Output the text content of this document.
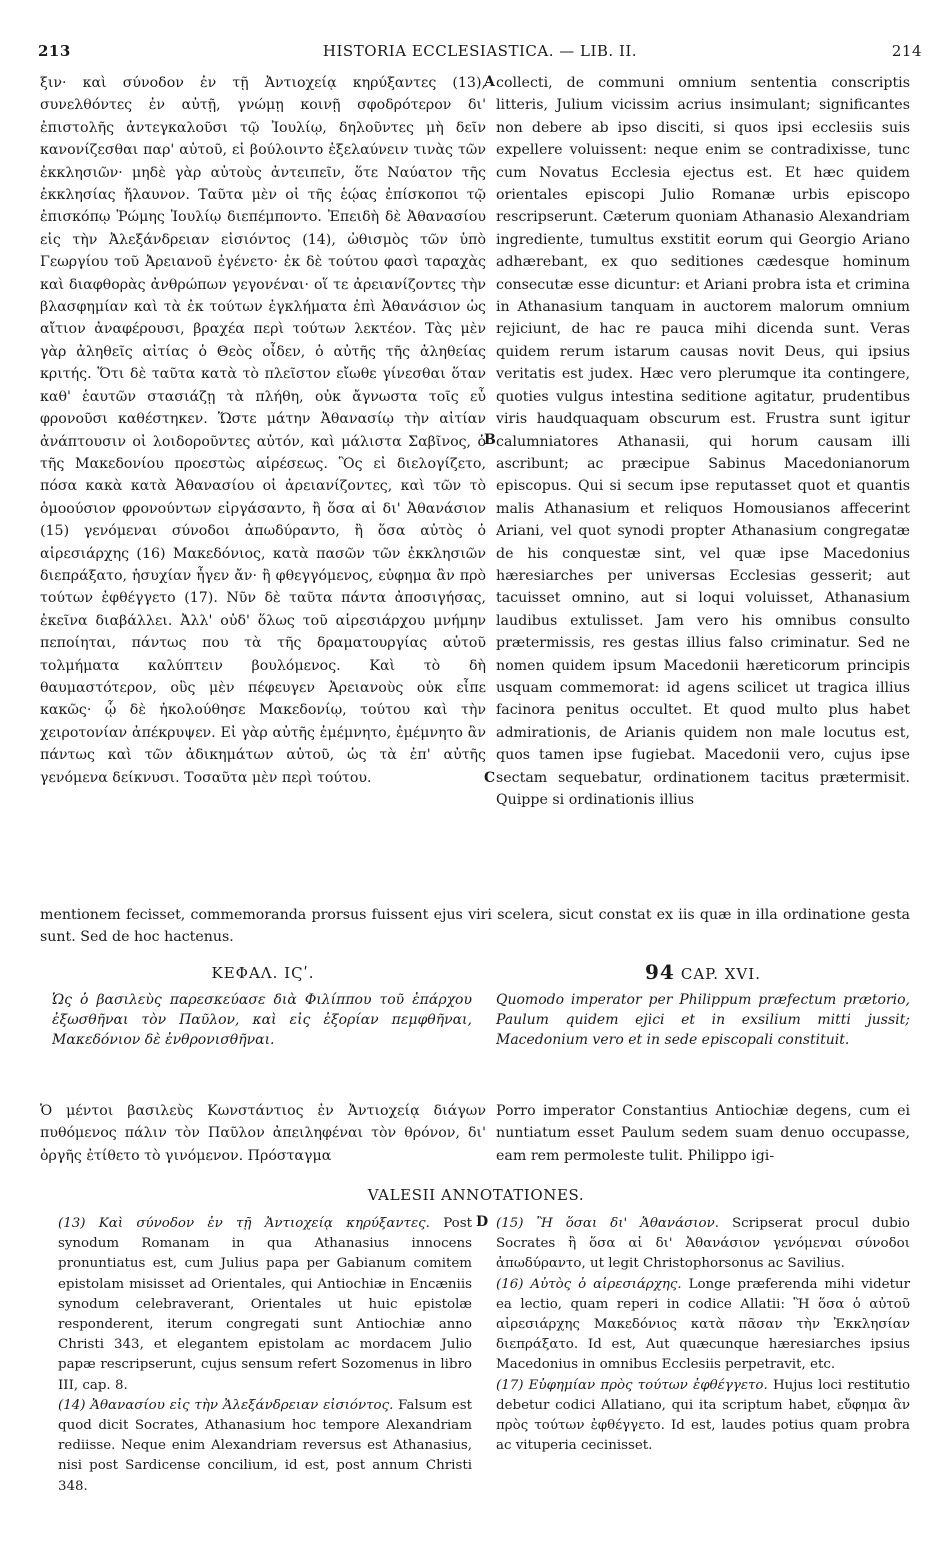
213	HISTORIA ECCLESIASTICA. — LIB. II.	214

ξιν· καὶ σύνοδον ἐν τῇ Ἀντιοχείᾳ κηρύξαντες (13), συνελθόντες ἐν αὐτῇ, γνώμῃ κοινῇ σφοδρότερον δι' ἐπιστολῆς ἀντεγκαλοῦσι τῷ Ἰουλίῳ, δηλοῦντες μὴ δεῖν κανονίζεσθαι παρ' αὐτοῦ, εἰ βούλοιντο ἐξελαύνειν τινὰς τῶν ἐκκλησιῶν· μηδὲ γὰρ αὐτοὺς ἀντειπεῖν, ὅτε Ναύατον τῆς ἐκκλησίας ἤλαυνον. Ταῦτα μὲν οἱ τῆς ἑῴας ἐπίσκοποι τῷ ἐπισκόπῳ Ῥώμης Ἰουλίῳ διεπέμποντο. Ἐπειδὴ δὲ Ἀθανασίου εἰς τὴν Ἀλεξάνδρειαν εἰσιόντος (14), ὠθισμὸς τῶν ὑπὸ Γεωργίου τοῦ Ἀρειανοῦ ἐγένετο· ἐκ δὲ τούτου φασὶ ταραχὰς καὶ διαφθορὰς ἀνθρώπων γεγονέναι· οἵ τε ἀρειανίζοντες τὴν βλασφημίαν καὶ τὰ ἐκ τούτων ἐγκλήματα ἐπὶ Ἀθανάσιον ὡς αἴτιον ἀναφέρουσι, βραχέα περὶ τούτων λεκτέον. Τὰς μὲν γὰρ ἀληθεῖς αἰτίας ὁ Θεὸς οἶδεν, ὁ αὐτῆς τῆς ἀληθείας κριτής. Ὅτι δὲ ταῦτα κατὰ τὸ πλεῖστον εἴωθε γίνεσθαι ὅταν καθ' ἑαυτῶν στασιάζῃ τὰ πλήθη, οὐκ ἄγνωστα τοῖς εὖ φρονοῦσι καθέστηκεν. Ὥστε μάτην Ἀθανασίῳ τὴν αἰτίαν ἀνάπτουσιν οἱ λοιδοροῦντες αὐτόν, καὶ μάλιστα Σαβῖνος, ὁ τῆς Μακεδονίου προεστὼς αἱρέσεως. Ὃς εἰ διελογίζετο, πόσα κακὰ κατὰ Ἀθανασίου οἱ ἀρειανίζοντες, καὶ τῶν τὸ ὁμοούσιον φρονούντων εἰργάσαντο, ἢ ὅσα αἱ δι' Ἀθανάσιον (15) γενόμεναι σύνοδοι ἀπωδύραντο, ἢ ὅσα αὐτὸς ὁ αἱρεσιάρχης (16) Μακεδόνιος, κατὰ πασῶν τῶν ἐκκλησιῶν διεπράξατο, ἡσυχίαν ἦγεν ἄν· ἢ φθεγγόμενος, εὐφημα ἂν πρὸ τούτων ἐφθέγγετο (17). Νῦν δὲ ταῦτα πάντα ἀποσιγήσας, ἐκεῖνα διαβάλλει. Ἀλλ' οὐδ' ὅλως τοῦ αἱρεσιάρχου μνήμην πεποίηται, πάντως που τὰ τῆς δραματουργίας αὐτοῦ τολμήματα καλύπτειν βουλόμενος. Καὶ τὸ δὴ θαυμαστότερον, οὓς μὲν πέφευγεν Ἀρειανοὺς οὐκ εἶπε κακῶς· ᾧ δὲ ἠκολούθησε Μακεδονίῳ, τούτου καὶ τὴν χειροτονίαν ἀπέκρυψεν. Εἰ γὰρ αὐτῆς ἐμέμνητο, ἐμέμνητο ἂν πάντως καὶ τῶν ἀδικημάτων αὐτοῦ, ὡς τὰ ἐπ' αὐτῆς γενόμενα δείκνυσι. Τοσαῦτα μὲν περὶ τούτου.

collecti, de communi omnium sententia conscriptis litteris, Julium vicissim acrius insimulant; significantes non debere ab ipso disciti, si quos ipsi ecclesiis suis expellere voluissent: neque enim se contradixisse, tunc cum Novatus Ecclesia ejectus est. Et hæc quidem orientales episcopi Julio Romanæ urbis episcopo rescripserunt. Cæterum quoniam Athanasio Alexandriam ingrediente, tumultus exstitit eorum qui Georgio Ariano adhærebant, ex quo seditiones cædesque hominum consecutæ esse dicuntur: et Ariani probra ista et crimina in Athanasium tanquam in auctorem malorum omnium rejiciunt, de hac re pauca mihi dicenda sunt. Veras quidem rerum istarum causas novit Deus, qui ipsius veritatis est judex. Hæc vero plerumque ita contingere, quoties vulgus intestina seditione agitatur, prudentibus viris haudquaquam obscurum est. Frustra sunt igitur calumniatores Athanasii, qui horum causam illi ascribunt; ac præcipue Sabinus Macedonianorum episcopus. Qui si secum ipse reputasset quot et quantis malis Athanasium et reliquos Homousianos affecerint Ariani, vel quot synodi propter Athanasium congregatæ de his conquestæ sint, vel quæ ipse Macedonius hæresiarches per universas Ecclesias gesserit; aut tacuisset omnino, aut si loqui voluisset, Athanasium laudibus extulisset. Jam vero his omnibus consulto prætermissis, res gestas illius falso criminatur. Sed ne nomen quidem ipsum Macedonii hæreticorum principis usquam commemorat: id agens scilicet ut tragica illius facinora penitus occultet. Et quod multo plus habet admirationis, de Arianis quidem non male locutus est, quos tamen ipse fugiebat. Macedonii vero, cujus ipse sectam sequebatur, ordinationem tacitus prætermisit. Quippe si ordinationis illius

A
B
C

mentionem fecisset, commemoranda prorsus fuissent ejus viri scelera, sicut constat ex iis quæ in illa ordinatione gesta sunt. Sed de hoc hactenus.

ΚΕΦΑΛ. ΙϚʹ.	94 CAP. XVI.
Ὡς ὁ βασιλεὺς παρεσκεύασε διὰ Φιλίππου τοῦ ἐπάρχου ἐξωσθῆναι τὸν Παῦλον, καὶ εἰς ἐξορίαν πεμφθῆναι, Μακεδόνιον δὲ ἐνθρονισθῆναι.
Quomodo imperator per Philippum præfectum prætorio, Paulum quidem ejici et in exsilium mitti jussit; Macedonium vero et in sede episcopali constituit.

Ὁ μέντοι βασιλεὺς Κωνστάντιος ἐν Ἀντιοχείᾳ διάγων πυθόμενος πάλιν τὸν Παῦλον ἀπειληφέναι τὸν θρόνον, δι' ὀργῆς ἐτίθετο τὸ γινόμενον. Πρόσταγμα

Porro imperator Constantius Antiochiæ degens, cum ei nuntiatum esset Paulum sedem suam denuo occupasse, eam rem permoleste tulit. Philippo igi-

VALESII ANNOTATIONES.

(13) Καὶ σύνοδον ἐν τῇ Ἀντιοχείᾳ κηρύξαντες. Post synodum Romanam in qua Athanasius innocens pronuntiatus est, cum Julius papa per Gabianum comitem epistolam misisset ad Orientales, qui Antiochiæ in Encæniis synodum celebraverant, Orientales ut huic epistolæ responderent, iterum congregati sunt Antiochiæ anno Christi 343, et elegantem epistolam ac mordacem Julio papæ rescripserunt, cujus sensum refert Sozomenus in libro III, cap. 8.

(14) Ἀθανασίου εἰς τὴν Ἀλεξάνδρειαν εἰσιόντος. Falsum est quod dicit Socrates, Athanasium hoc tempore Alexandriam rediisse. Neque enim Alexandriam reversus est Athanasius, nisi post Sardicense concilium, id est, post annum Christi 348.

D (15) Ἢ ὅσαι δι' Ἀθανάσιον. Scripserat procul dubio Socrates ἢ ὅσα αἱ δι' Ἀθανάσιον γενόμεναι σύνοδοι ἀπωδύραντο, ut legit Christophorsonus ac Savilius.

(16) Αὐτὸς ὁ αἱρεσιάρχης. Longe præferenda mihi videtur ea lectio, quam reperi in codice Allatii: Ἢ ὅσα ὁ αὐτοῦ αἱρεσιάρχης Μακεδόνιος κατὰ πᾶσαν τὴν Ἐκκλησίαν διεπράξατο. Id est, Aut quæcunque hæresiarches ipsius Macedonius in omnibus Ecclesiis perpetravit, etc.

(17) Εὐφημίαν πρὸς τούτων ἐφθέγγετο. Hujus loci restitutio debetur codici Allatiano, qui ita scriptum habet, εὔφημα ἂν πρὸς τούτων ἐφθέγγετο. Id est, laudes potius quam probra ac vituperia cecinisset.
